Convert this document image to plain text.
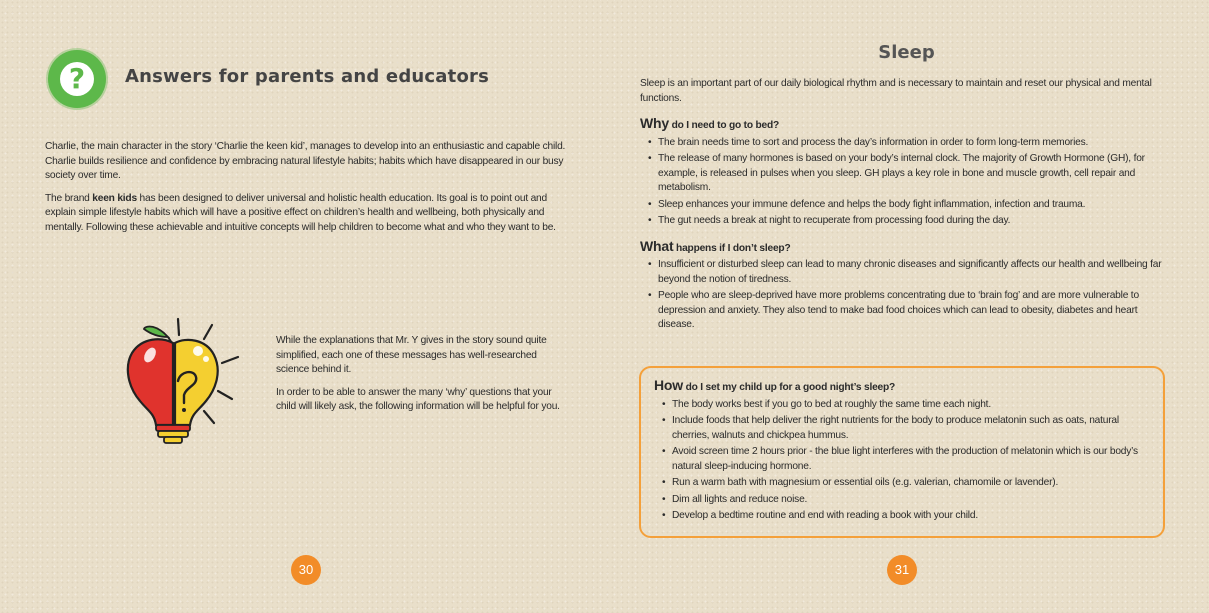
?	Answers for parents and educators

Charlie, the main character in the story ‘Charlie the keen kid’, manages to develop into an enthusiastic and capable child. Charlie builds resilience and confidence by embracing natural lifestyle habits; habits which have disappeared in our busy society over time.

The brand keen kids has been designed to deliver universal and holistic health education. Its goal is to point out and explain simple lifestyle habits which will have a positive effect on children’s health and wellbeing, both physically and mentally. Following these achievable and intuitive concepts will help children to become what and who they want to be.

While the explanations that Mr. Y gives in the story sound quite simplified, each one of these messages has well-researched science behind it.

In order to be able to answer the many ‘why’ questions that your child will likely ask, the following information will be helpful for you.

30
Sleep

Sleep is an important part of our daily biological rhythm and is necessary to maintain and reset our physical and mental functions.

Why do I need to go to bed?
• The brain needs time to sort and process the day’s information in order to form long-term memories.
• The release of many hormones is based on your body’s internal clock. The majority of Growth Hormone (GH), for example, is released in pulses when you sleep. GH plays a key role in bone and muscle growth, cell repair and metabolism.
• Sleep enhances your immune defence and helps the body fight inflammation, infection and trauma.
• The gut needs a break at night to recuperate from processing food during the day.
What happens if I don’t sleep?
• Insufficient or disturbed sleep can lead to many chronic diseases and significantly affects our health and wellbeing far beyond the notion of tiredness.
• People who are sleep-deprived have more problems concentrating due to ‘brain fog’ and are more vulnerable to depression and anxiety. They also tend to make bad food choices which can lead to obesity, diabetes and heart disease.
How do I set my child up for a good night’s sleep?
• The body works best if you go to bed at roughly the same time each night.
• Include foods that help deliver the right nutrients for the body to produce melatonin such as oats, natural cherries, walnuts and chickpea hummus.
• Avoid screen time 2 hours prior - the blue light interferes with the production of melatonin which is our body’s natural sleep-inducing hormone.
• Run a warm bath with magnesium or essential oils (e.g. valerian, chamomile or lavender).
• Dim all lights and reduce noise.
• Develop a bedtime routine and end with reading a book with your child.
31
